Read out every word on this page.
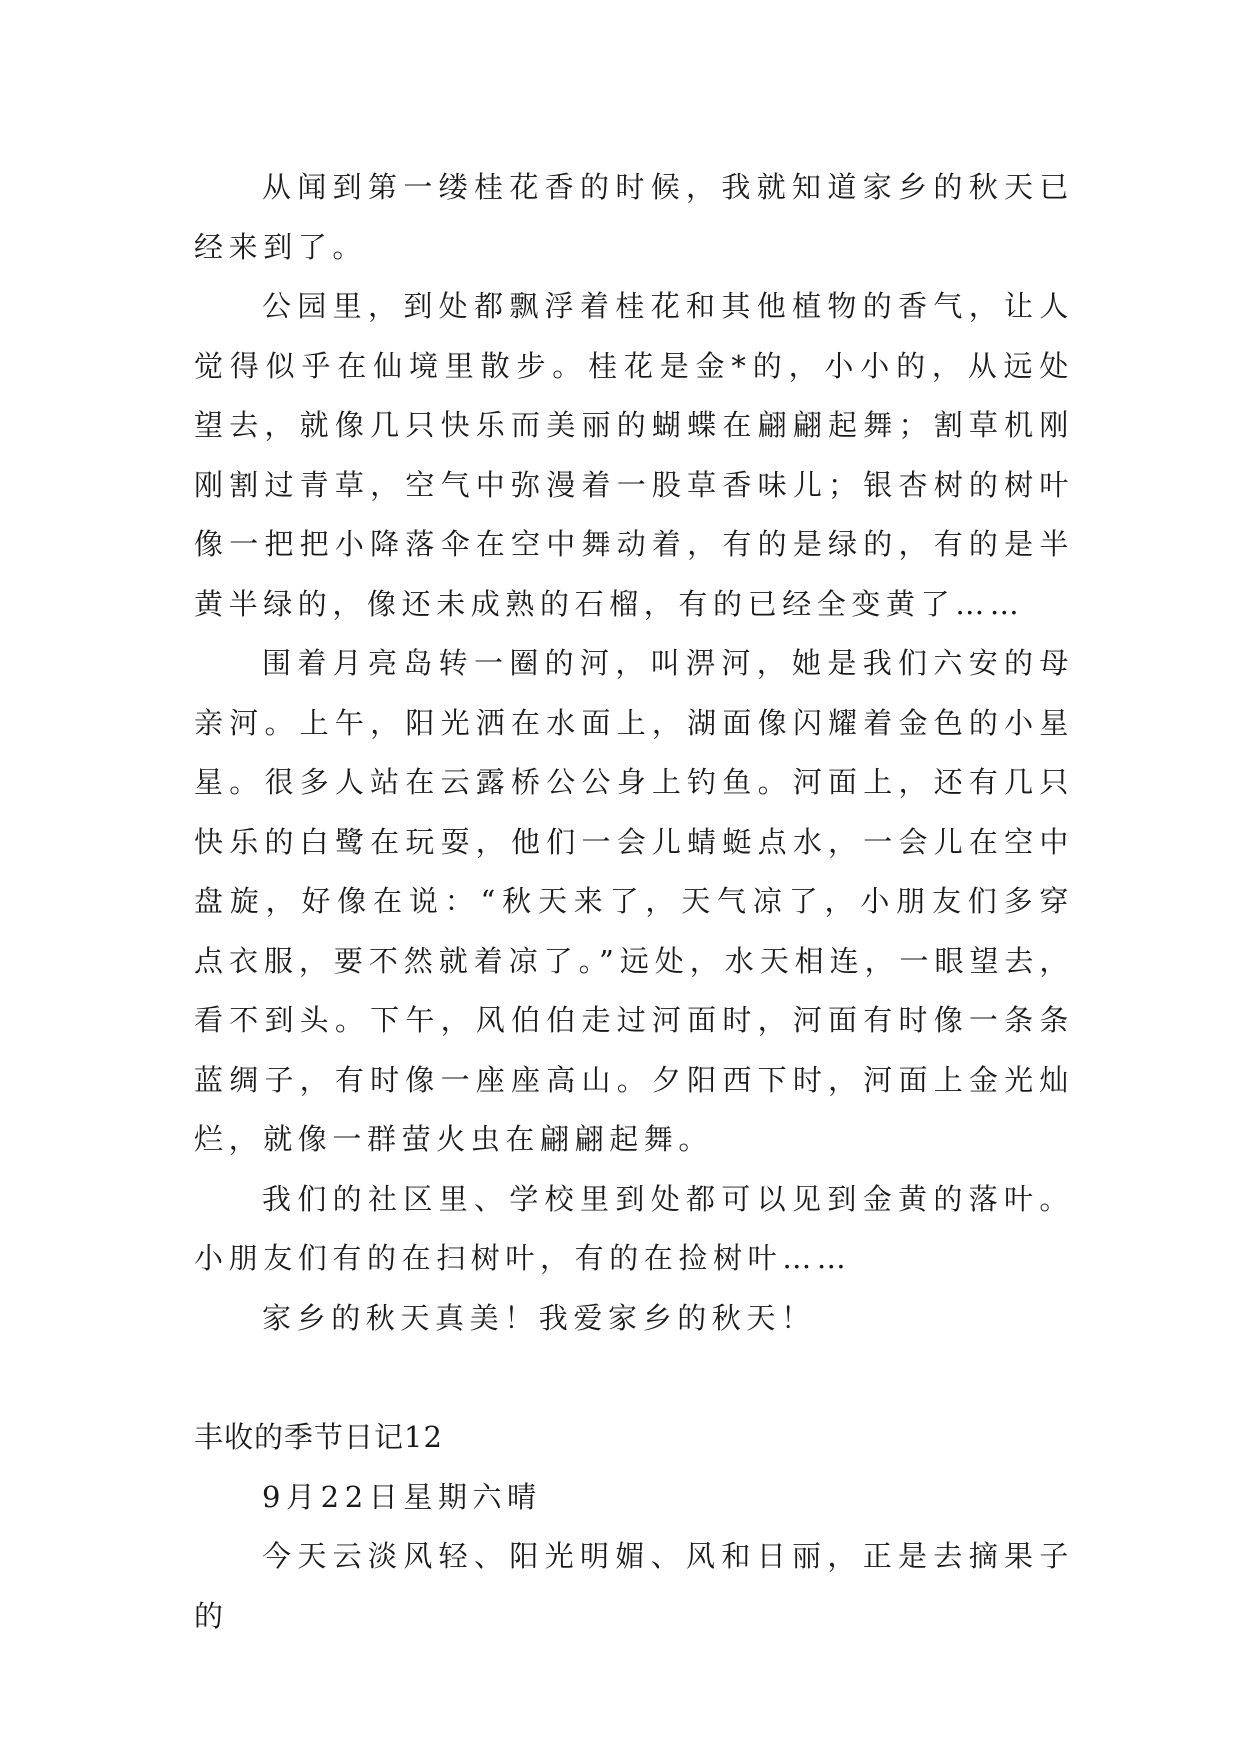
从闻到第一缕桂花香的时候，我就知道家乡的秋天已经来到了。

公园里，到处都飘浮着桂花和其他植物的香气，让人觉得似乎在仙境里散步。桂花是金*的，小小的，从远处望去，就像几只快乐而美丽的蝴蝶在翩翩起舞；割草机刚刚割过青草，空气中弥漫着一股草香味儿；银杏树的树叶像一把把小降落伞在空中舞动着，有的是绿的，有的是半黄半绿的，像还未成熟的石榴，有的已经全变黄了……

围着月亮岛转一圈的河，叫淠河，她是我们六安的母亲河。上午，阳光洒在水面上，湖面像闪耀着金色的小星星。很多人站在云露桥公公身上钓鱼。河面上，还有几只快乐的白鹭在玩耍，他们一会儿蜻蜓点水，一会儿在空中盘旋，好像在说：“秋天来了，天气凉了，小朋友们多穿点衣服，要不然就着凉了。”远处，水天相连，一眼望去，看不到头。下午，风伯伯走过河面时，河面有时像一条条蓝绸子，有时像一座座高山。夕阳西下时，河面上金光灿烂，就像一群萤火虫在翩翩起舞。

我们的社区里、学校里到处都可以见到金黄的落叶。小朋友们有的在扫树叶，有的在捡树叶……

家乡的秋天真美！我爱家乡的秋天！

丰收的季节日记12

9月22日星期六晴

今天云淡风轻、阳光明媚、风和日丽，正是去摘果子的
